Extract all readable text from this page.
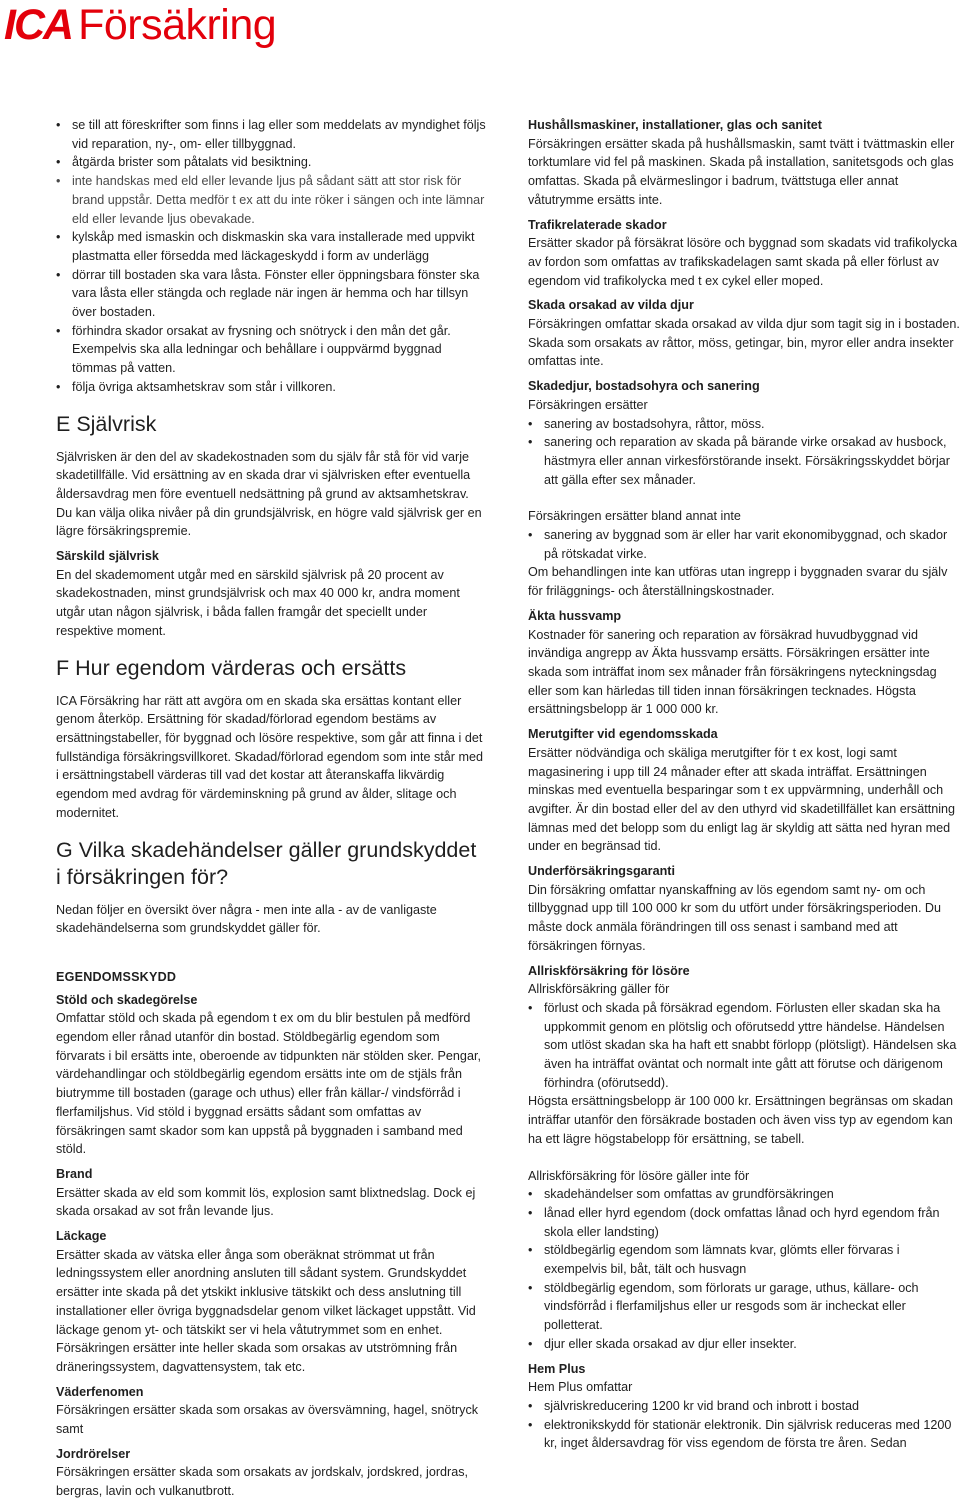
ICA Försäkring
• se till att föreskrifter som finns i lag eller som meddelats av myndighet följs vid reparation, ny-, om- eller tillbyggnad.
• åtgärda brister som påtalats vid besiktning.
• inte handskas med eld eller levande ljus på sådant sätt att stor risk för brand uppstår. Detta medför t ex att du inte röker i sängen och inte lämnar eld eller levande ljus obevakade.
• kylskåp med ismaskin och diskmaskin ska vara installerade med uppvikt plastmatta eller försedda med läckageskydd i form av underlägg
• dörrar till bostaden ska vara låsta. Fönster eller öppningsbara fönster ska vara låsta eller stängda och reglade när ingen är hemma och har tillsyn över bostaden.
• förhindra skador orsakat av frysning och snötryck i den mån det går. Exempelvis ska alla ledningar och behållare i ouppvärmd byggnad tömmas på vatten.
• följa övriga aktsamhetskrav som står i villkoren.
E Självrisk

Självrisken är den del av skadekostnaden som du själv får stå för vid varje skadetillfälle. Vid ersättning av en skada drar vi självrisken efter eventuella åldersavdrag men före eventuell nedsättning på grund av aktsamhetskrav. Du kan välja olika nivåer på din grundsjälvrisk, en högre vald självrisk ger en lägre försäkringspremie.

Särskild självrisk

En del skademoment utgår med en särskild självrisk på 20 procent av skadekostnaden, minst grundsjälvrisk och max 40 000 kr, andra moment utgår utan någon självrisk, i båda fallen framgår det speciellt under respektive moment.

F Hur egendom värderas och ersätts

ICA Försäkring har rätt att avgöra om en skada ska ersättas kontant eller genom återköp. Ersättning för skadad/förlorad egendom bestäms av ersättningstabeller, för byggnad och lösöre respektive, som går att finna i det fullständiga försäkringsvillkoret. Skadad/förlorad egendom som inte står med i ersättningstabell värderas till vad det kostar att återanskaffa likvärdig egendom med avdrag för värdeminskning på grund av ålder, slitage och modernitet.

G Vilka skadehändelser gäller grundskyddet i försäkringen för?

Nedan följer en översikt över några - men inte alla - av de vanligaste skadehändelserna som grundskyddet gäller för.

EGENDOMSSKYDD
Stöld och skadegörelse

Omfattar stöld och skada på egendom t ex om du blir bestulen på medförd egendom eller rånad utanför din bostad. Stöldbegärlig egendom som förvarats i bil ersätts inte, oberoende av tidpunkten när stölden sker. Pengar, värdehandlingar och stöldbegärlig egendom ersätts inte om de stjäls från biutrymme till bostaden (garage och uthus) eller från källar-/ vindsförråd i flerfamiljshus. Vid stöld i byggnad ersätts sådant som omfattas av försäkringen samt skador som kan uppstå på byggnaden i samband med stöld.

Brand

Ersätter skada av eld som kommit lös, explosion samt blixtnedslag. Dock ej skada orsakad av sot från levande ljus.

Läckage

Ersätter skada av vätska eller ånga som oberäknat strömmat ut från ledningssystem eller anordning ansluten till sådant system. Grundskyddet ersätter inte skada på det ytskikt inklusive tätskikt och dess anslutning till installationer eller övriga byggnadsdelar genom vilket läckaget uppstått. Vid läckage genom yt- och tätskikt ser vi hela våtutrymmet som en enhet. Försäkringen ersätter inte heller skada som orsakas av utströmning från dräneringssystem, dagvattensystem, tak etc.

Väderfenomen

Försäkringen ersätter skada som orsakas av översvämning, hagel, snötryck samt

Jordrörelser

Försäkringen ersätter skada som orsakats av jordskalv, jordskred, jordras, bergras, lavin och vulkanutbrott.

Hushållsmaskiner, installationer, glas och sanitet

Försäkringen ersätter skada på hushållsmaskin, samt tvätt i tvättmaskin eller torktumlare vid fel på maskinen. Skada på installation, sanitetsgods och glas omfattas. Skada på elvärmeslingor i badrum, tvättstuga eller annat våtutrymme ersätts inte.

Trafikrelaterade skador

Ersätter skador på försäkrat lösöre och byggnad som skadats vid trafikolycka av fordon som omfattas av trafikskadelagen samt skada på eller förlust av egendom vid trafikolycka med t ex cykel eller moped.

Skada orsakad av vilda djur

Försäkringen omfattar skada orsakad av vilda djur som tagit sig in i bostaden. Skada som orsakats av råttor, möss, getingar, bin, myror eller andra insekter omfattas inte.

Skadedjur, bostadsohyra och sanering

Försäkringen ersätter

• sanering av bostadsohyra, råttor, möss.
• sanering och reparation av skada på bärande virke orsakad av husbock, hästmyra eller annan virkesförstörande insekt. Försäkringsskyddet börjar att gälla efter sex månader.

Försäkringen ersätter bland annat inte

• sanering av byggnad som är eller har varit ekonomibyggnad, och skador på rötskadat virke.

Om behandlingen inte kan utföras utan ingrepp i byggnaden svarar du själv för friläggnings- och återställningskostnader.

Äkta hussvamp

Kostnader för sanering och reparation av försäkrad huvudbyggnad vid invändiga angrepp av Äkta hussvamp ersätts. Försäkringen ersätter inte skada som inträffat inom sex månader från försäkringens nyteckningsdag eller som kan härledas till tiden innan försäkringen tecknades. Högsta ersättningsbelopp är 1 000 000 kr.

Merutgifter vid egendomsskada

Ersätter nödvändiga och skäliga merutgifter för t ex kost, logi samt magasinering i upp till 24 månader efter att skada inträffat. Ersättningen minskas med eventuella besparingar som t ex uppvärmning, underhåll och avgifter. Är din bostad eller del av den uthyrd vid skadetillfället kan ersättning lämnas med det belopp som du enligt lag är skyldig att sätta ned hyran med under en begränsad tid.

Underförsäkringsgaranti

Din försäkring omfattar nyanskaffning av lös egendom samt ny- om och tillbyggnad upp till 100 000 kr som du utfört under försäkringsperioden. Du måste dock anmäla förändringen till oss senast i samband med att försäkringen förnyas.

Allriskförsäkring för lösöre

Allriskförsäkring gäller för

• förlust och skada på försäkrad egendom. Förlusten eller skadan ska ha uppkommit genom en plötslig och oförutsedd yttre händelse. Händelsen som utlöst skadan ska ha haft ett snabbt förlopp (plötsligt). Händelsen ska även ha inträffat oväntat och normalt inte gått att förutse och därigenom förhindra (oförutsedd).

Högsta ersättningsbelopp är 100 000 kr. Ersättningen begränsas om skadan inträffar utanför den försäkrade bostaden och även viss typ av egendom kan ha ett lägre högstabelopp för ersättning, se tabell.

Allriskförsäkring för lösöre gäller inte för

• skadehändelser som omfattas av grundförsäkringen
• lånad eller hyrd egendom (dock omfattas lånad och hyrd egendom från skola eller landsting)
• stöldbegärlig egendom som lämnats kvar, glömts eller förvaras i exempelvis bil, båt, tält och husvagn
• stöldbegärlig egendom, som förlorats ur garage, uthus, källare- och vindsförråd i flerfamiljshus eller ur resgods som är incheckat eller polletterat.
• djur eller skada orsakad av djur eller insekter.
Hem Plus

Hem Plus omfattar

• självriskreducering 1200 kr vid brand och inbrott i bostad
• elektronikskydd för stationär elektronik. Din självrisk reduceras med 1200 kr, inget åldersavdrag för viss egendom de första tre åren. Sedan
